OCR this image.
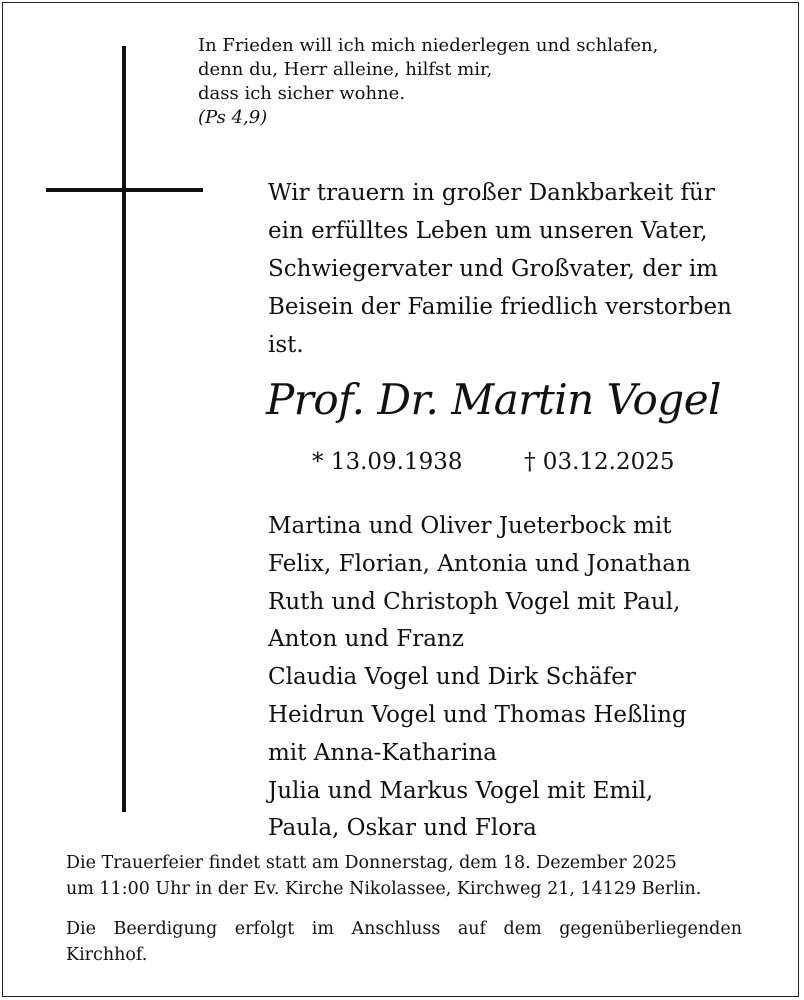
In Frieden will ich mich niederlegen und schlafen,
denn du, Herr alleine, hilfst mir,
dass ich sicher wohne.
(Ps 4,9)
Wir trauern in großer Dankbarkeit für
ein erfülltes Leben um unseren Vater,
Schwiegervater und Großvater, der im
Beisein der Familie friedlich verstorben
ist.
Prof. Dr. Martin Vogel
* 13.09.1938	† 03.12.2025
Martina und Oliver Jueterbock mit
Felix, Florian, Antonia und Jonathan
Ruth und Christoph Vogel mit Paul,
Anton und Franz
Claudia Vogel und Dirk Schäfer
Heidrun Vogel und Thomas Heßling
mit Anna-Katharina
Julia und Markus Vogel mit Emil,
Paula, Oskar und Flora
Die Trauerfeier findet statt am Donnerstag, dem 18. Dezember 2025
um 11:00 Uhr in der Ev. Kirche Nikolassee, Kirchweg 21, 14129 Berlin.
Die Beerdigung erfolgt im Anschluss auf dem gegenüberliegenden
Kirchhof.
